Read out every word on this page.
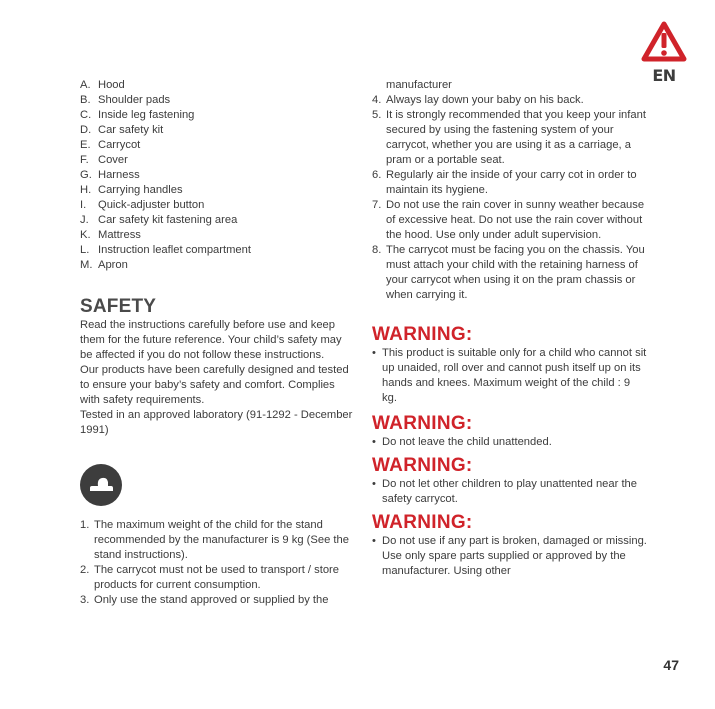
EN
A. Hood
B. Shoulder pads
C. Inside leg fastening
D. Car safety kit
E. Carrycot
F. Cover
G. Harness
H. Carrying handles
I. Quick-adjuster button
J. Car safety kit fastening area
K. Mattress
L. Instruction leaflet compartment
M. Apron
SAFETY

Read the instructions carefully before use and keep them for the future reference. Your child’s safety may be affected if you do not follow these instructions.

Our products have been carefully designed and tested to ensure your baby’s safety and comfort. Complies with safety requirements.

Tested in an approved laboratory (91-1292 - December 1991)

1. The maximum weight of the child for the stand recommended by the manufacturer is 9 kg (See the stand instructions).
2. The carrycot must not be used to transport / store products for current consumption.
3. Only use the stand approved or supplied by the
manufacturer
4. Always lay down your baby on his back.
5. It is strongly recommended that you keep your infant secured by using the fastening system of your carrycot, whether you are using it as a carriage, a pram or a portable seat.
6. Regularly air the inside of your carry cot in order to maintain its hygiene.
7. Do not use the rain cover in sunny weather because of excessive heat. Do not use the rain cover without the hood. Use only under adult supervision.
8. The carrycot must be facing you on the chassis. You must attach your child with the retaining harness of your carrycot when using it on the pram chassis or when carrying it.
WARNING:
• This product is suitable only for a child who cannot sit up unaided, roll over and cannot push itself up on its hands and knees. Maximum weight of the child : 9 kg.
WARNING:
• Do not leave the child unattended.
WARNING:
• Do not let other children to play unattented near the safety carrycot.
WARNING:
• Do not use if any part is broken, damaged or missing. Use only spare parts supplied or approved by the manufacturer. Using other
47
